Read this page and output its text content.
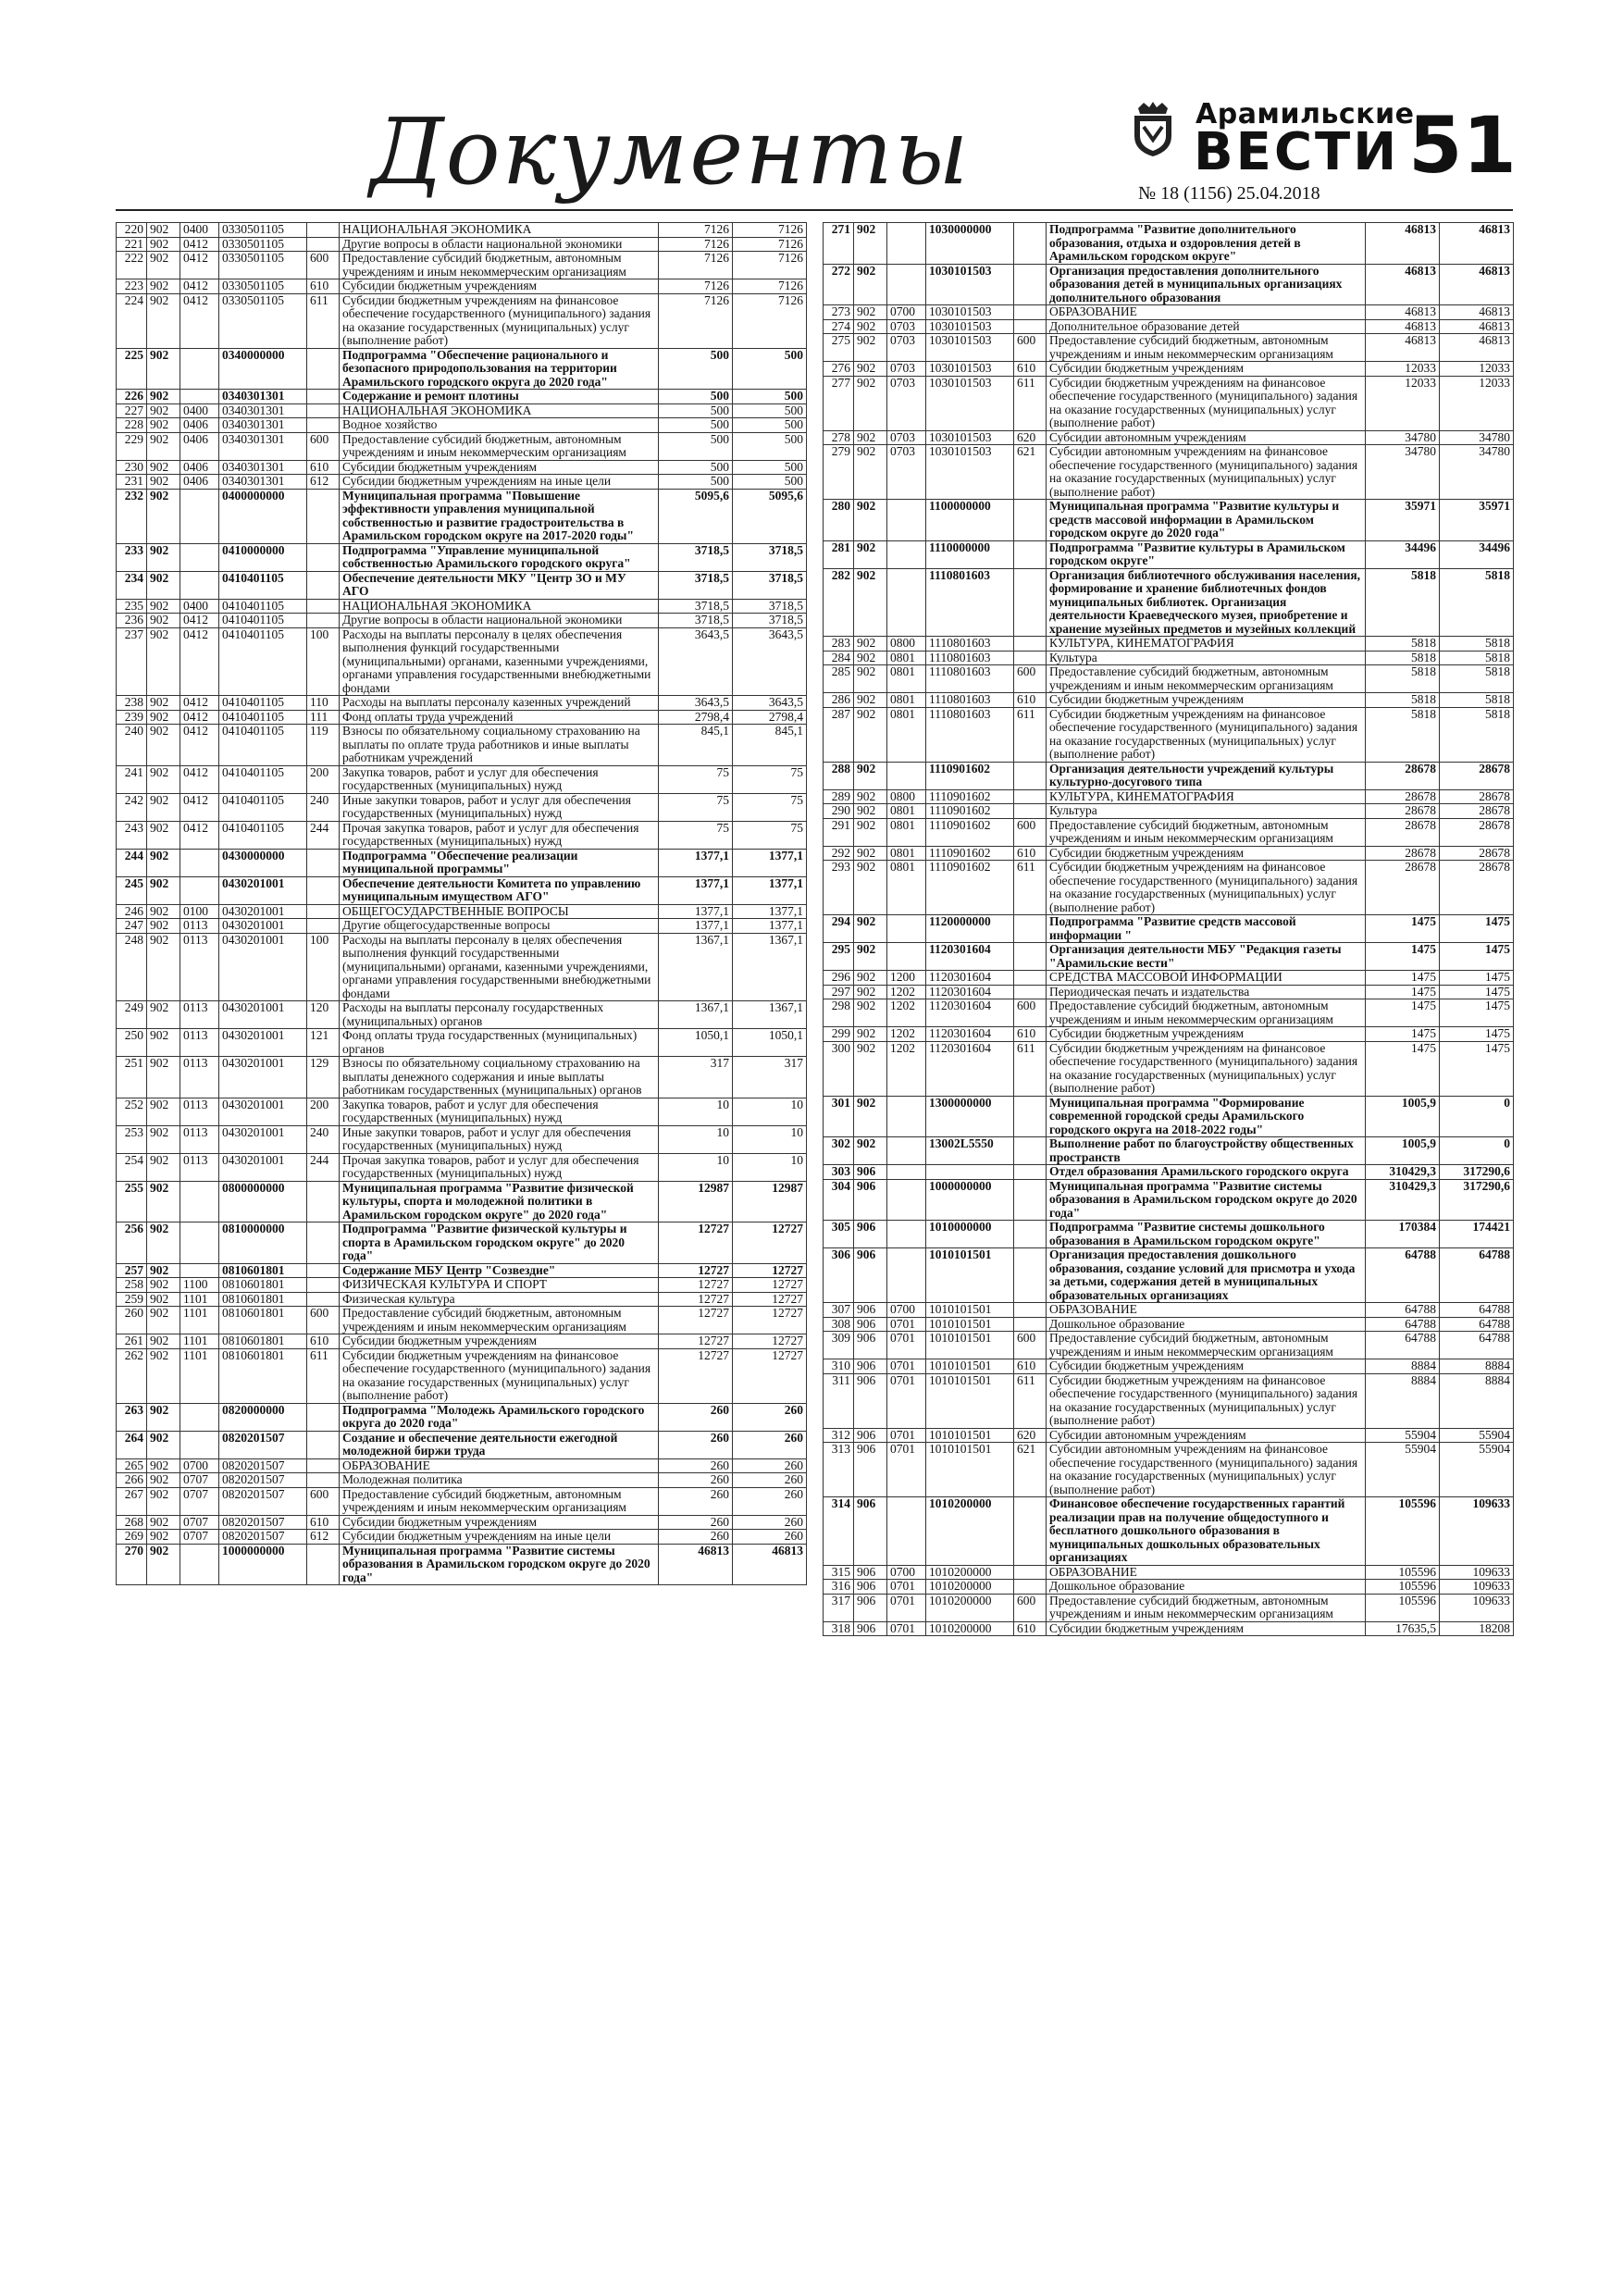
Документы	Арамильские
ВЕСТИ
№ 18 (1156) 25.04.2018
51
220	902	0400	0330501105		НАЦИОНАЛЬНАЯ ЭКОНОМИКА	7126	7126
221	902	0412	0330501105		Другие вопросы в области национальной экономики	7126	7126
222	902	0412	0330501105	600	Предоставление субсидий бюджетным, автономным учреждениям и иным некоммерческим организациям	7126	7126
223	902	0412	0330501105	610	Субсидии бюджетным учреждениям	7126	7126
224	902	0412	0330501105	611	Субсидии бюджетным учреждениям на финансовое обеспечение государственного (муниципального) задания на оказание государственных (муниципальных) услуг (выполнение работ)	7126	7126
225	902		0340000000		Подпрограмма "Обеспечение рационального и безопасного природопользования на территории Арамильского городского округа до 2020 года"	500	500
226	902		0340301301		Содержание и ремонт плотины	500	500
227	902	0400	0340301301		НАЦИОНАЛЬНАЯ ЭКОНОМИКА	500	500
228	902	0406	0340301301		Водное хозяйство	500	500
229	902	0406	0340301301	600	Предоставление субсидий бюджетным, автономным учреждениям и иным некоммерческим организациям	500	500
230	902	0406	0340301301	610	Субсидии бюджетным учреждениям	500	500
231	902	0406	0340301301	612	Субсидии бюджетным учреждениям на иные цели	500	500
232	902		0400000000		Муниципальная программа "Повышение эффективности управления муниципальной собственностью и развитие градостроительства в Арамильском городском округе на 2017-2020 годы"	5095,6	5095,6
233	902		0410000000		Подпрограмма "Управление муниципальной собственностью Арамильского городского округа"	3718,5	3718,5
234	902		0410401105		Обеспечение деятельности МКУ "Центр ЗО и МУ АГО	3718,5	3718,5
235	902	0400	0410401105		НАЦИОНАЛЬНАЯ ЭКОНОМИКА	3718,5	3718,5
236	902	0412	0410401105		Другие вопросы в области национальной экономики	3718,5	3718,5
237	902	0412	0410401105	100	Расходы на выплаты персоналу в целях обеспечения выполнения функций государственными (муниципальными) органами, казенными учреждениями, органами управления государственными внебюджетными фондами	3643,5	3643,5
238	902	0412	0410401105	110	Расходы на выплаты персоналу казенных учреждений	3643,5	3643,5
239	902	0412	0410401105	111	Фонд оплаты труда учреждений	2798,4	2798,4
240	902	0412	0410401105	119	Взносы по обязательному социальному страхованию на выплаты по оплате труда работников и иные выплаты работникам учреждений	845,1	845,1
241	902	0412	0410401105	200	Закупка товаров, работ и услуг для обеспечения государственных (муниципальных) нужд	75	75
242	902	0412	0410401105	240	Иные закупки товаров, работ и услуг для обеспечения государственных (муниципальных) нужд	75	75
243	902	0412	0410401105	244	Прочая закупка товаров, работ и услуг для обеспечения государственных (муниципальных) нужд	75	75
244	902		0430000000		Подпрограмма "Обеспечение реализации муниципальной программы"	1377,1	1377,1
245	902		0430201001		Обеспечение деятельности Комитета по управлению муниципальным имуществом АГО"	1377,1	1377,1
246	902	0100	0430201001		ОБЩЕГОСУДАРСТВЕННЫЕ ВОПРОСЫ	1377,1	1377,1
247	902	0113	0430201001		Другие общегосударственные вопросы	1377,1	1377,1
248	902	0113	0430201001	100	Расходы на выплаты персоналу в целях обеспечения выполнения функций государственными (муниципальными) органами, казенными учреждениями, органами управления государственными внебюджетными фондами	1367,1	1367,1
249	902	0113	0430201001	120	Расходы на выплаты персоналу государственных (муниципальных) органов	1367,1	1367,1
250	902	0113	0430201001	121	Фонд оплаты труда государственных (муниципальных) органов	1050,1	1050,1
251	902	0113	0430201001	129	Взносы по обязательному социальному страхованию на выплаты денежного содержания и иные выплаты работникам государственных (муниципальных) органов	317	317
252	902	0113	0430201001	200	Закупка товаров, работ и услуг для обеспечения государственных (муниципальных) нужд	10	10
253	902	0113	0430201001	240	Иные закупки товаров, работ и услуг для обеспечения государственных (муниципальных) нужд	10	10
254	902	0113	0430201001	244	Прочая закупка товаров, работ и услуг для обеспечения государственных (муниципальных) нужд	10	10
255	902		0800000000		Муниципальная программа "Развитие физической культуры, спорта и молодежной политики в Арамильском городском округе" до 2020 года"	12987	12987
256	902		0810000000		Подпрограмма "Развитие физической культуры и спорта в Арамильском городском округе" до 2020 года"	12727	12727
257	902		0810601801		Содержание МБУ Центр "Созвездие"	12727	12727
258	902	1100	0810601801		ФИЗИЧЕСКАЯ КУЛЬТУРА И СПОРТ	12727	12727
259	902	1101	0810601801		Физическая культура	12727	12727
260	902	1101	0810601801	600	Предоставление субсидий бюджетным, автономным учреждениям и иным некоммерческим организациям	12727	12727
261	902	1101	0810601801	610	Субсидии бюджетным учреждениям	12727	12727
262	902	1101	0810601801	611	Субсидии бюджетным учреждениям на финансовое обеспечение государственного (муниципального) задания на оказание государственных (муниципальных) услуг (выполнение работ)	12727	12727
263	902		0820000000		Подпрограмма "Молодежь Арамильского городского округа до 2020 года"	260	260
264	902		0820201507		Создание и обеспечение деятельности ежегодной молодежной биржи труда	260	260
265	902	0700	0820201507		ОБРАЗОВАНИЕ	260	260
266	902	0707	0820201507		Молодежная политика	260	260
267	902	0707	0820201507	600	Предоставление субсидий бюджетным, автономным учреждениям и иным некоммерческим организациям	260	260
268	902	0707	0820201507	610	Субсидии бюджетным учреждениям	260	260
269	902	0707	0820201507	612	Субсидии бюджетным учреждениям на иные цели	260	260
270	902		1000000000		Муниципальная программа "Развитие системы образования в Арамильском городском округе до 2020 года"	46813	46813
271	902		1030000000		Подпрограмма "Развитие дополнительного образования, отдыха и оздоровления детей в Арамильском городском округе"	46813	46813
272	902		1030101503		Организация предоставления дополнительного образования детей в муниципальных организациях дополнительного образования	46813	46813
273	902	0700	1030101503		ОБРАЗОВАНИЕ	46813	46813
274	902	0703	1030101503		Дополнительное образование детей	46813	46813
275	902	0703	1030101503	600	Предоставление субсидий бюджетным, автономным учреждениям и иным некоммерческим организациям	46813	46813
276	902	0703	1030101503	610	Субсидии бюджетным учреждениям	12033	12033
277	902	0703	1030101503	611	Субсидии бюджетным учреждениям на финансовое обеспечение государственного (муниципального) задания на оказание государственных (муниципальных) услуг (выполнение работ)	12033	12033
278	902	0703	1030101503	620	Субсидии автономным учреждениям	34780	34780
279	902	0703	1030101503	621	Субсидии автономным учреждениям на финансовое обеспечение государственного (муниципального) задания на оказание государственных (муниципальных) услуг (выполнение работ)	34780	34780
280	902		1100000000		Муниципальная программа "Развитие культуры и средств массовой информации в Арамильском городском округе до 2020 года"	35971	35971
281	902		1110000000		Подпрограмма "Развитие культуры в Арамильском городском округе"	34496	34496
282	902		1110801603		Организация библиотечного обслуживания населения, формирование и хранение библиотечных фондов муниципальных библиотек. Организация деятельности Краеведческого музея, приобретение и хранение музейных предметов и музейных коллекций	5818	5818
283	902	0800	1110801603		КУЛЬТУРА, КИНЕМАТОГРАФИЯ	5818	5818
284	902	0801	1110801603		Культура	5818	5818
285	902	0801	1110801603	600	Предоставление субсидий бюджетным, автономным учреждениям и иным некоммерческим организациям	5818	5818
286	902	0801	1110801603	610	Субсидии бюджетным учреждениям	5818	5818
287	902	0801	1110801603	611	Субсидии бюджетным учреждениям на финансовое обеспечение государственного (муниципального) задания на оказание государственных (муниципальных) услуг (выполнение работ)	5818	5818
288	902		1110901602		Организация деятельности учреждений культуры культурно-досугового типа	28678	28678
289	902	0800	1110901602		КУЛЬТУРА, КИНЕМАТОГРАФИЯ	28678	28678
290	902	0801	1110901602		Культура	28678	28678
291	902	0801	1110901602	600	Предоставление субсидий бюджетным, автономным учреждениям и иным некоммерческим организациям	28678	28678
292	902	0801	1110901602	610	Субсидии бюджетным учреждениям	28678	28678
293	902	0801	1110901602	611	Субсидии бюджетным учреждениям на финансовое обеспечение государственного (муниципального) задания на оказание государственных (муниципальных) услуг (выполнение работ)	28678	28678
294	902		1120000000		Подпрограмма "Развитие средств массовой информации "	1475	1475
295	902		1120301604		Организация деятельности МБУ "Редакция газеты "Арамильские вести"	1475	1475
296	902	1200	1120301604		СРЕДСТВА МАССОВОЙ ИНФОРМАЦИИ	1475	1475
297	902	1202	1120301604		Периодическая печать и издательства	1475	1475
298	902	1202	1120301604	600	Предоставление субсидий бюджетным, автономным учреждениям и иным некоммерческим организациям	1475	1475
299	902	1202	1120301604	610	Субсидии бюджетным учреждениям	1475	1475
300	902	1202	1120301604	611	Субсидии бюджетным учреждениям на финансовое обеспечение государственного (муниципального) задания на оказание государственных (муниципальных) услуг (выполнение работ)	1475	1475
301	902		1300000000		Муниципальная программа "Формирование современной городской среды Арамильского городского округа на 2018-2022 годы"	1005,9	0
302	902		13002L5550		Выполнение работ по благоустройству общественных пространств	1005,9	0
303	906				Отдел образования Арамильского городского округа	310429,3	317290,6
304	906		1000000000		Муниципальная программа "Развитие системы образования в Арамильском городском округе до 2020 года"	310429,3	317290,6
305	906		1010000000		Подпрограмма "Развитие системы дошкольного образования в Арамильском городском округе"	170384	174421
306	906		1010101501		Организация предоставления дошкольного образования, создание условий для присмотра и ухода за детьми, содержания детей в муниципальных образовательных организациях	64788	64788
307	906	0700	1010101501		ОБРАЗОВАНИЕ	64788	64788
308	906	0701	1010101501		Дошкольное образование	64788	64788
309	906	0701	1010101501	600	Предоставление субсидий бюджетным, автономным учреждениям и иным некоммерческим организациям	64788	64788
310	906	0701	1010101501	610	Субсидии бюджетным учреждениям	8884	8884
311	906	0701	1010101501	611	Субсидии бюджетным учреждениям на финансовое обеспечение государственного (муниципального) задания на оказание государственных (муниципальных) услуг (выполнение работ)	8884	8884
312	906	0701	1010101501	620	Субсидии автономным учреждениям	55904	55904
313	906	0701	1010101501	621	Субсидии автономным учреждениям на финансовое обеспечение государственного (муниципального) задания на оказание государственных (муниципальных) услуг (выполнение работ)	55904	55904
314	906		1010200000		Финансовое обеспечение государственных гарантий реализации прав на получение общедоступного и бесплатного дошкольного образования в муниципальных дошкольных образовательных организациях	105596	109633
315	906	0700	1010200000		ОБРАЗОВАНИЕ	105596	109633
316	906	0701	1010200000		Дошкольное образование	105596	109633
317	906	0701	1010200000	600	Предоставление субсидий бюджетным, автономным учреждениям и иным некоммерческим организациям	105596	109633
318	906	0701	1010200000	610	Субсидии бюджетным учреждениям	17635,5	18208
